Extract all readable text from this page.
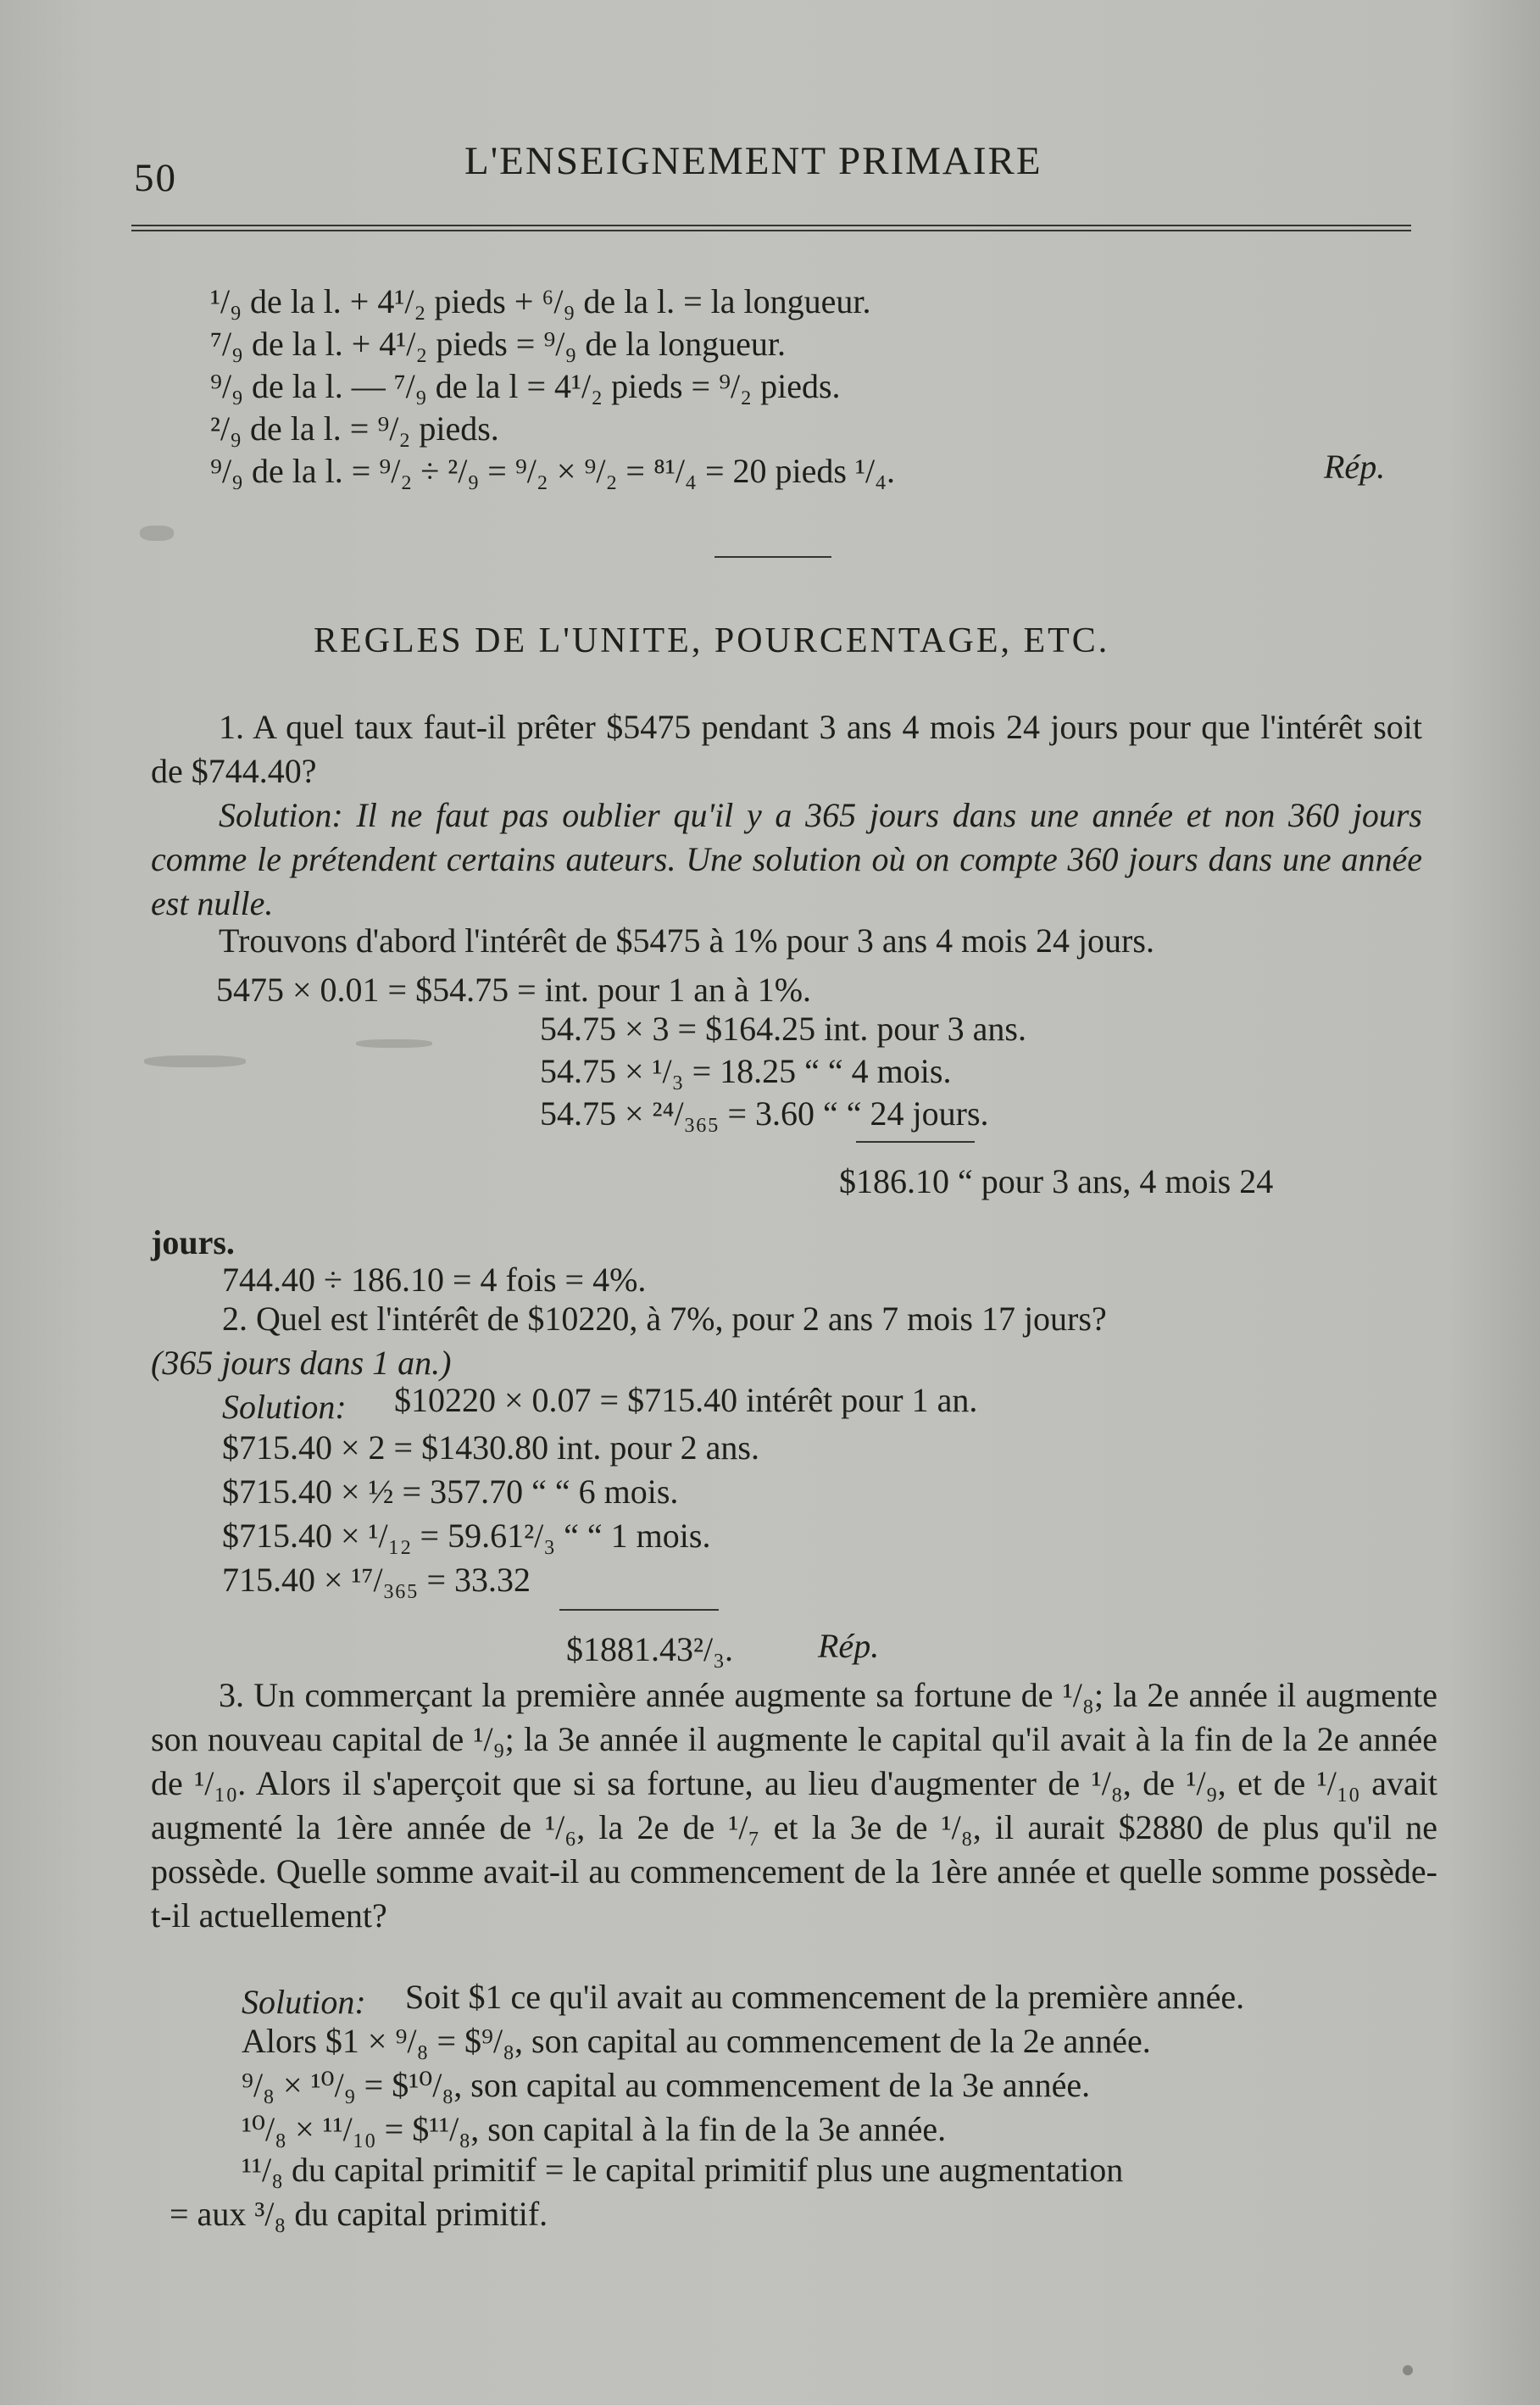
50	L'ENSEIGNEMENT PRIMAIRE
¹/₉ de la l. + 4¹/₂ pieds + ⁶/₉ de la l. = la longueur.
⁷/₉ de la l. + 4¹/₂ pieds = ⁹/₉ de la longueur.
⁹/₉ de la l. — ⁷/₉ de la l = 4¹/₂ pieds = ⁹/₂ pieds.
²/₉ de la l. = ⁹/₂ pieds.
⁹/₉ de la l. = ⁹/₂ ÷ ²/₉ = ⁹/₂ × ⁹/₂ = ⁸¹/₄ = 20 pieds ¹/₄.	Rép.
REGLES DE L'UNITE, POURCENTAGE, ETC.
1. A quel taux faut-il prêter $5475 pendant 3 ans 4 mois 24 jours pour que l'intérêt soit de $744.40?
Solution: Il ne faut pas oublier qu'il y a 365 jours dans une année et non 360 jours comme le prétendent certains auteurs. Une solution où on compte 360 jours dans une année est nulle.
Trouvons d'abord l'intérêt de $5475 à 1% pour 3 ans 4 mois 24 jours.
5475 × 0.01 = $54.75 = int. pour 1 an à 1%.
54.75 × 3 = $164.25 int. pour 3 ans.
54.75 × ¹/₃ = 18.25 “ “ 4 mois.
54.75 × ²⁴/₃₆₅ = 3.60 “ “ 24 jours.
$186.10 “ pour 3 ans, 4 mois 24
jours.
744.40 ÷ 186.10 = 4 fois = 4%.
2. Quel est l'intérêt de $10220, à 7%, pour 2 ans 7 mois 17 jours?
(365 jours dans 1 an.)
Solution: $10220 × 0.07 = $715.40 intérêt pour 1 an.
$715.40 × 2 = $1430.80 int. pour 2 ans.
$715.40 × ½ = 357.70 “ “ 6 mois.
$715.40 × ¹/₁₂ = 59.61²/₃ “ “ 1 mois.
715.40 × ¹⁷/₃₆₅ = 33.32
$1881.43²/₃. Rép.
3. Un commerçant la première année augmente sa fortune de ¹/₈; la 2e année il augmente son nouveau capital de ¹/₉; la 3e année il augmente le capital qu'il avait à la fin de la 2e année de ¹/₁₀. Alors il s'aperçoit que si sa fortune, au lieu d'augmenter de ¹/₈, de ¹/₉, et de ¹/₁₀ avait augmenté la 1ère année de ¹/₆, la 2e de ¹/₇ et la 3e de ¹/₈, il aurait $2880 de plus qu'il ne possède. Quelle somme avait-il au commencement de la 1ère année et quelle somme possède-t-il actuellement?
Solution: Soit $1 ce qu'il avait au commencement de la première année.
Alors $1 × ⁹/₈ = $⁹/₈, son capital au commencement de la 2e année.
⁹/₈ × ¹⁰/₉ = $¹⁰/₈, son capital au commencement de la 3e année.
¹⁰/₈ × ¹¹/₁₀ = $¹¹/₈, son capital à la fin de la 3e année.
¹¹/₈ du capital primitif = le capital primitif plus une augmentation
= aux ³/₈ du capital primitif.
